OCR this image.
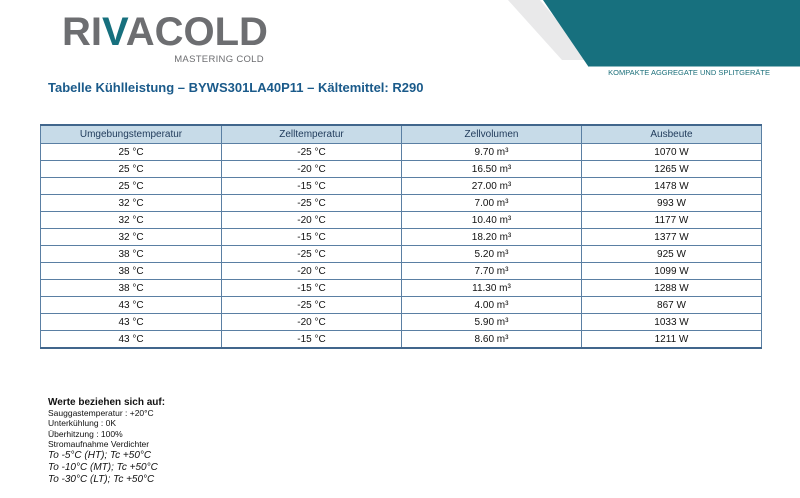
RIVACOLD
MASTERING COLD
KOMPAKTE AGGREGATE UND SPLITGERÄTE
Tabelle Kühlleistung – BYWS301LA40P11 – Kältemittel: R290
Umgebungstemperatur	Zelltemperatur	Zellvolumen	Ausbeute
25 °C	-25 °C	9.70 m³	1070 W
25 °C	-20 °C	16.50 m³	1265 W
25 °C	-15 °C	27.00 m³	1478 W
32 °C	-25 °C	7.00 m³	993 W
32 °C	-20 °C	10.40 m³	1177 W
32 °C	-15 °C	18.20 m³	1377 W
38 °C	-25 °C	5.20 m³	925 W
38 °C	-20 °C	7.70 m³	1099 W
38 °C	-15 °C	11.30 m³	1288 W
43 °C	-25 °C	4.00 m³	867 W
43 °C	-20 °C	5.90 m³	1033 W
43 °C	-15 °C	8.60 m³	1211 W
Werte beziehen sich auf:
Sauggastemperatur : +20°C
Unterkühlung : 0K
Überhitzung : 100%
Stromaufnahme Verdichter
To -5°C (HT); Tc +50°C
To -10°C (MT); Tc +50°C
To -30°C (LT); Tc +50°C
